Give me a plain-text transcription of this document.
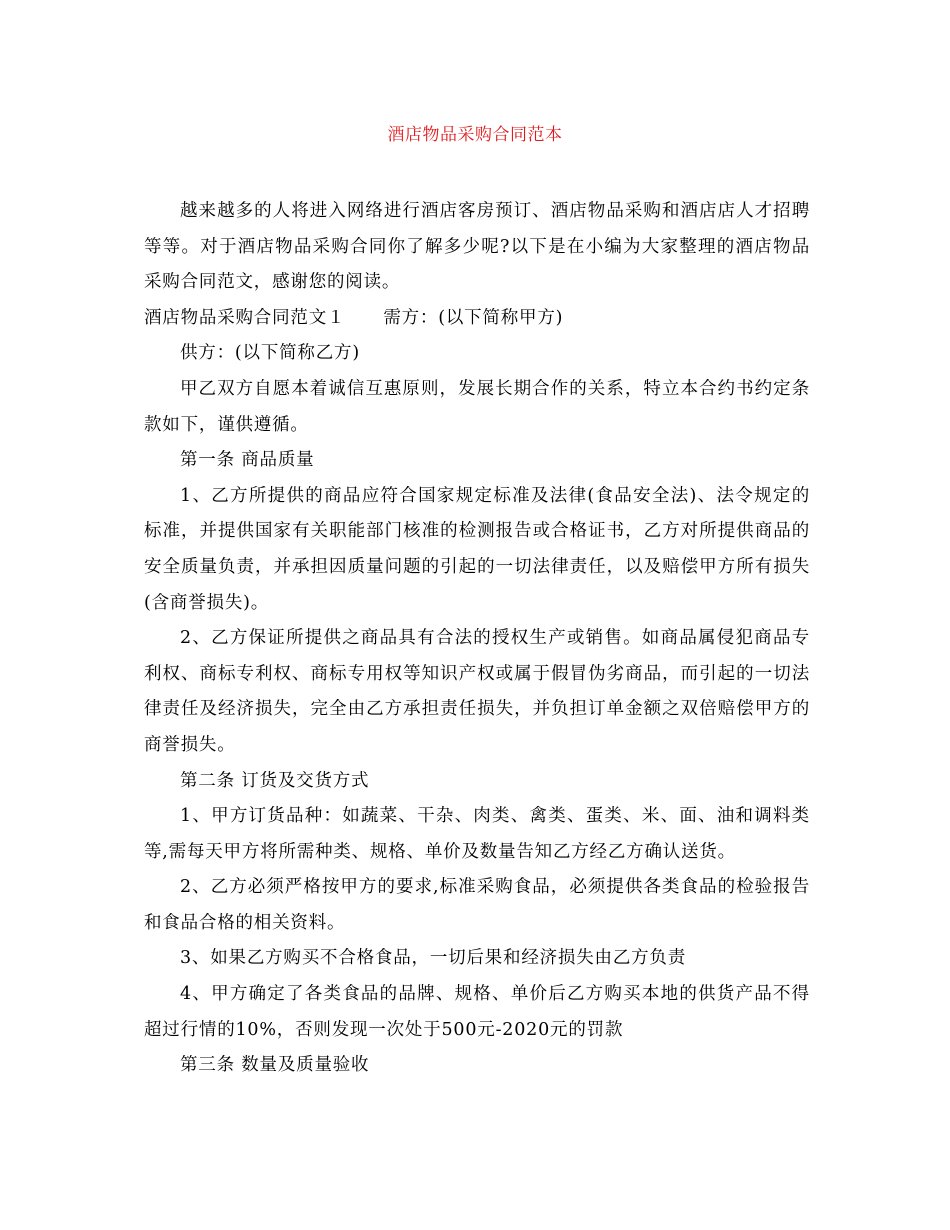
酒店物品采购合同范本

越来越多的人将进入网络进行酒店客房预订、酒店物品采购和酒店店人才招聘等等。对于酒店物品采购合同你了解多少呢?以下是在小编为大家整理的酒店物品采购合同范文，感谢您的阅读。

酒店物品采购合同范文１ 需方：(以下简称甲方)

供方：(以下简称乙方)

甲乙双方自愿本着诚信互惠原则，发展长期合作的关系，特立本合约书约定条款如下，谨供遵循。

第一条 商品质量

1、乙方所提供的商品应符合国家规定标准及法律(食品安全法)、法令规定的标准，并提供国家有关职能部门核准的检测报告或合格证书，乙方对所提供商品的安全质量负责，并承担因质量问题的引起的一切法律责任，以及赔偿甲方所有损失(含商誉损失)。

2、乙方保证所提供之商品具有合法的授权生产或销售。如商品属侵犯商品专利权、商标专利权、商标专用权等知识产权或属于假冒伪劣商品，而引起的一切法律责任及经济损失，完全由乙方承担责任损失，并负担订单金额之双倍赔偿甲方的商誉损失。

第二条 订货及交货方式

1、甲方订货品种：如蔬菜、干杂、肉类、禽类、蛋类、米、面、油和调料类等,需每天甲方将所需种类、规格、单价及数量告知乙方经乙方确认送货。

2、乙方必须严格按甲方的要求,标准采购食品，必须提供各类食品的检验报告和食品合格的相关资料。

3、如果乙方购买不合格食品，一切后果和经济损失由乙方负责

4、甲方确定了各类食品的品牌、规格、单价后乙方购买本地的供货产品不得超过行情的10%，否则发现一次处于500元-2020元的罚款

第三条 数量及质量验收
